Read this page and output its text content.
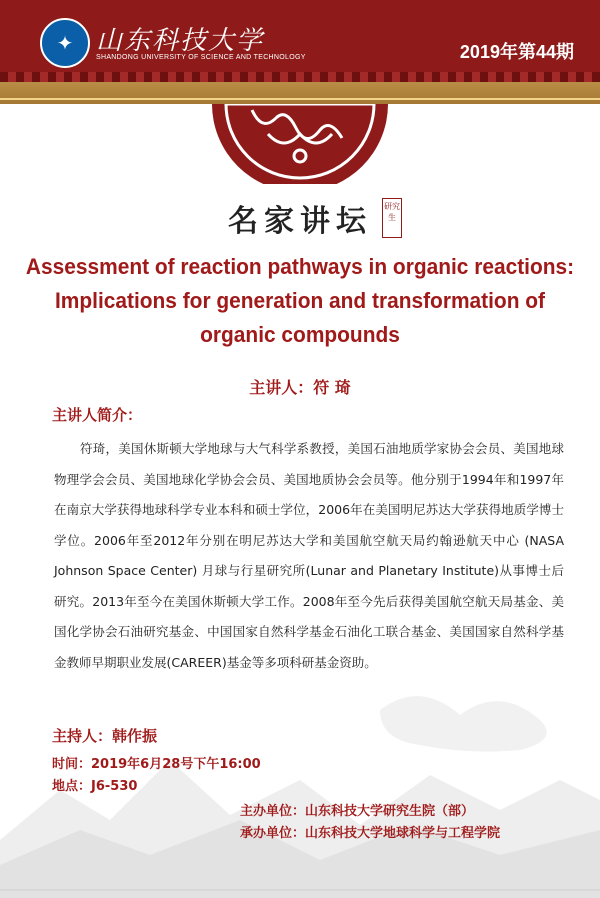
✦ 山东科技大学
SHANDONG UNIVERSITY OF SCIENCE AND TECHNOLOGY	2019年第44期
名家讲坛	研究生
Assessment of reaction pathways in organic reactions:
Implications for generation and transformation of
organic compounds
主讲人：符 琦
主讲人简介：
符琦，美国休斯顿大学地球与大气科学系教授，美国石油地质学家协会会员、美国地球物理学会会员、美国地球化学协会会员、美国地质协会会员等。他分别于1994年和1997年在南京大学获得地球科学专业本科和硕士学位，2006年在美国明尼苏达大学获得地质学博士学位。2006年至2012年分别在明尼苏达大学和美国航空航天局约翰逊航天中心 (NASA Johnson Space Center) 月球与行星研究所(Lunar and Planetary Institute)从事博士后研究。2013年至今在美国休斯顿大学工作。2008年至今先后获得美国航空航天局基金、美国化学协会石油研究基金、中国国家自然科学基金石油化工联合基金、美国国家自然科学基金教师早期职业发展(CAREER)基金等多项科研基金资助。
主持人：韩作振
时间：2019年6月28号下午16:00
地点：J6-530
主办单位：山东科技大学研究生院（部）
承办单位：山东科技大学地球科学与工程学院
